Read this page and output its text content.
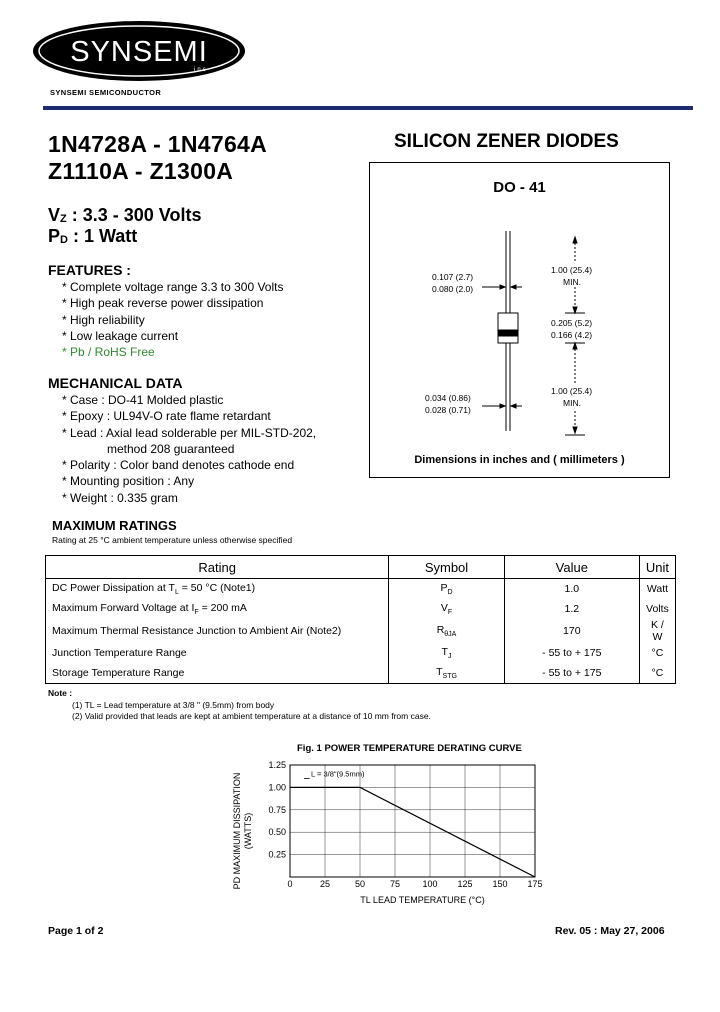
SYNSEMI
inc
SYNSEMI SEMICONDUCTOR
1N4728A - 1N4764A
Z1110A - Z1300A
$V_Z$ : 3.3 - 300 Volts
$P_D$ : 1 Watt
FEATURES :
* Complete voltage range 3.3 to 300 Volts
* High peak reverse power dissipation
* High reliability
* Low leakage current
* Pb / RoHS Free
MECHANICAL DATA
* Case : DO-41 Molded plastic
* Epoxy : UL94V-O rate flame retardant
* Lead : Axial lead solderable per MIL-STD-202,
method 208 guaranteed
* Polarity : Color band denotes cathode end
* Mounting position : Any
* Weight : 0.335 gram
SILICON ZENER DIODES
DO - 41
0.107 (2.7)
0.080 (2.0)
1.00 (25.4)
MIN.
0.205 (5.2)
0.166 (4.2)
0.034 (0.86)
0.028 (0.71)
1.00 (25.4)
MIN.
Dimensions in inches and ( millimeters )
MAXIMUM RATINGS
Rating at 25 °C ambient temperature unless otherwise specified
Rating	Symbol	Value	Unit
DC Power Dissipation at $T_L = 50$ °C (Note1)	$P_D$	1.0	Watt
Maximum Forward Voltage at $I_F = 200$ mA	$V_F$	1.2	Volts
Maximum Thermal Resistance Junction to Ambient Air (Note2)	$R_{\theta JA}$	170	K / W
Junction Temperature Range	$T_J$	- 55 to + 175	°C
Storage Temperature Range	$T_{STG}$	- 55 to + 175	°C
Note :
(1) TL = Lead temperature at 3/8 " (9.5mm) from body
(2) Valid provided that leads are kept at ambient temperature at a distance of 10 mm from case.
Fig. 1 POWER TEMPERATURE DERATING CURVE
0	25	50	75 100 125 150 175
0.25
0.50
0.75
1.00
1.25
L = 3/8"(9.5mm)
TL LEAD TEMPERATURE (°C)
PD MAXIMUM DISSIPATION (WATTS)
Page 1 of 2	Rev. 05 : May 27, 2006
